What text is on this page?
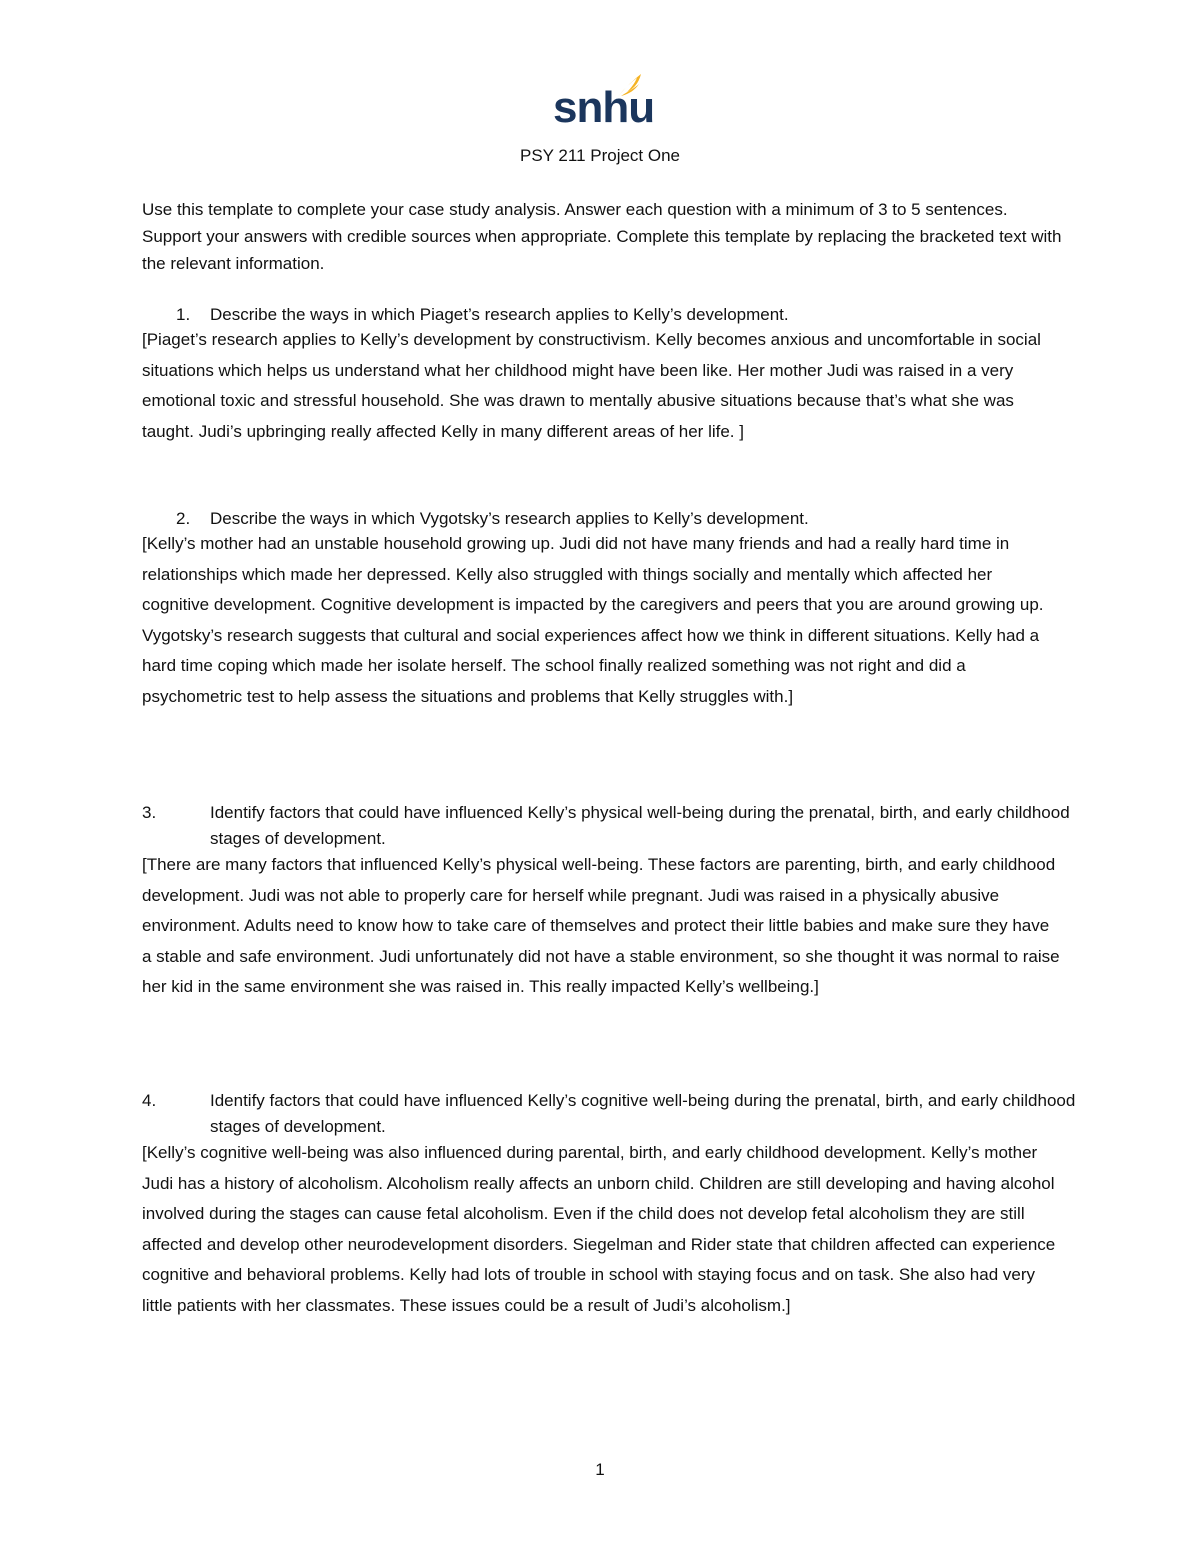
snhu
PSY 211 Project One

Use this template to complete your case study analysis. Answer each question with a minimum of 3 to 5 sentences. Support your answers with credible sources when appropriate. Complete this template by replacing the bracketed text with the relevant information.

1. Describe the ways in which Piaget’s research applies to Kelly’s development.

[Piaget’s research applies to Kelly’s development by constructivism. Kelly becomes anxious and uncomfortable in social situations which helps us understand what her childhood might have been like. Her mother Judi was raised in a very emotional toxic and stressful household. She was drawn to mentally abusive situations because that’s what she was taught. Judi’s upbringing really affected Kelly in many different areas of her life. ]

2. Describe the ways in which Vygotsky’s research applies to Kelly’s development.

[Kelly’s mother had an unstable household growing up. Judi did not have many friends and had a really hard time in relationships which made her depressed. Kelly also struggled with things socially and mentally which affected her cognitive development. Cognitive development is impacted by the caregivers and peers that you are around growing up. Vygotsky’s research suggests that cultural and social experiences affect how we think in different situations. Kelly had a hard time coping which made her isolate herself. The school finally realized something was not right and did a psychometric test to help assess the situations and problems that Kelly struggles with.]

3.	Identify factors that could have influenced Kelly’s physical well-being during the prenatal, birth, and early childhood stages of development.

[There are many factors that influenced Kelly’s physical well-being. These factors are parenting, birth, and early childhood development. Judi was not able to properly care for herself while pregnant. Judi was raised in a physically abusive environment. Adults need to know how to take care of themselves and protect their little babies and make sure they have a stable and safe environment. Judi unfortunately did not have a stable environment, so she thought it was normal to raise her kid in the same environment she was raised in. This really impacted Kelly’s wellbeing.]

4.	Identify factors that could have influenced Kelly’s cognitive well-being during the prenatal, birth, and early childhood stages of development.

[Kelly’s cognitive well-being was also influenced during parental, birth, and early childhood development. Kelly’s mother Judi has a history of alcoholism. Alcoholism really affects an unborn child. Children are still developing and having alcohol involved during the stages can cause fetal alcoholism. Even if the child does not develop fetal alcoholism they are still affected and develop other neurodevelopment disorders. Siegelman and Rider state that children affected can experience cognitive and behavioral problems. Kelly had lots of trouble in school with staying focus and on task. She also had very little patients with her classmates. These issues could be a result of Judi’s alcoholism.]

1
